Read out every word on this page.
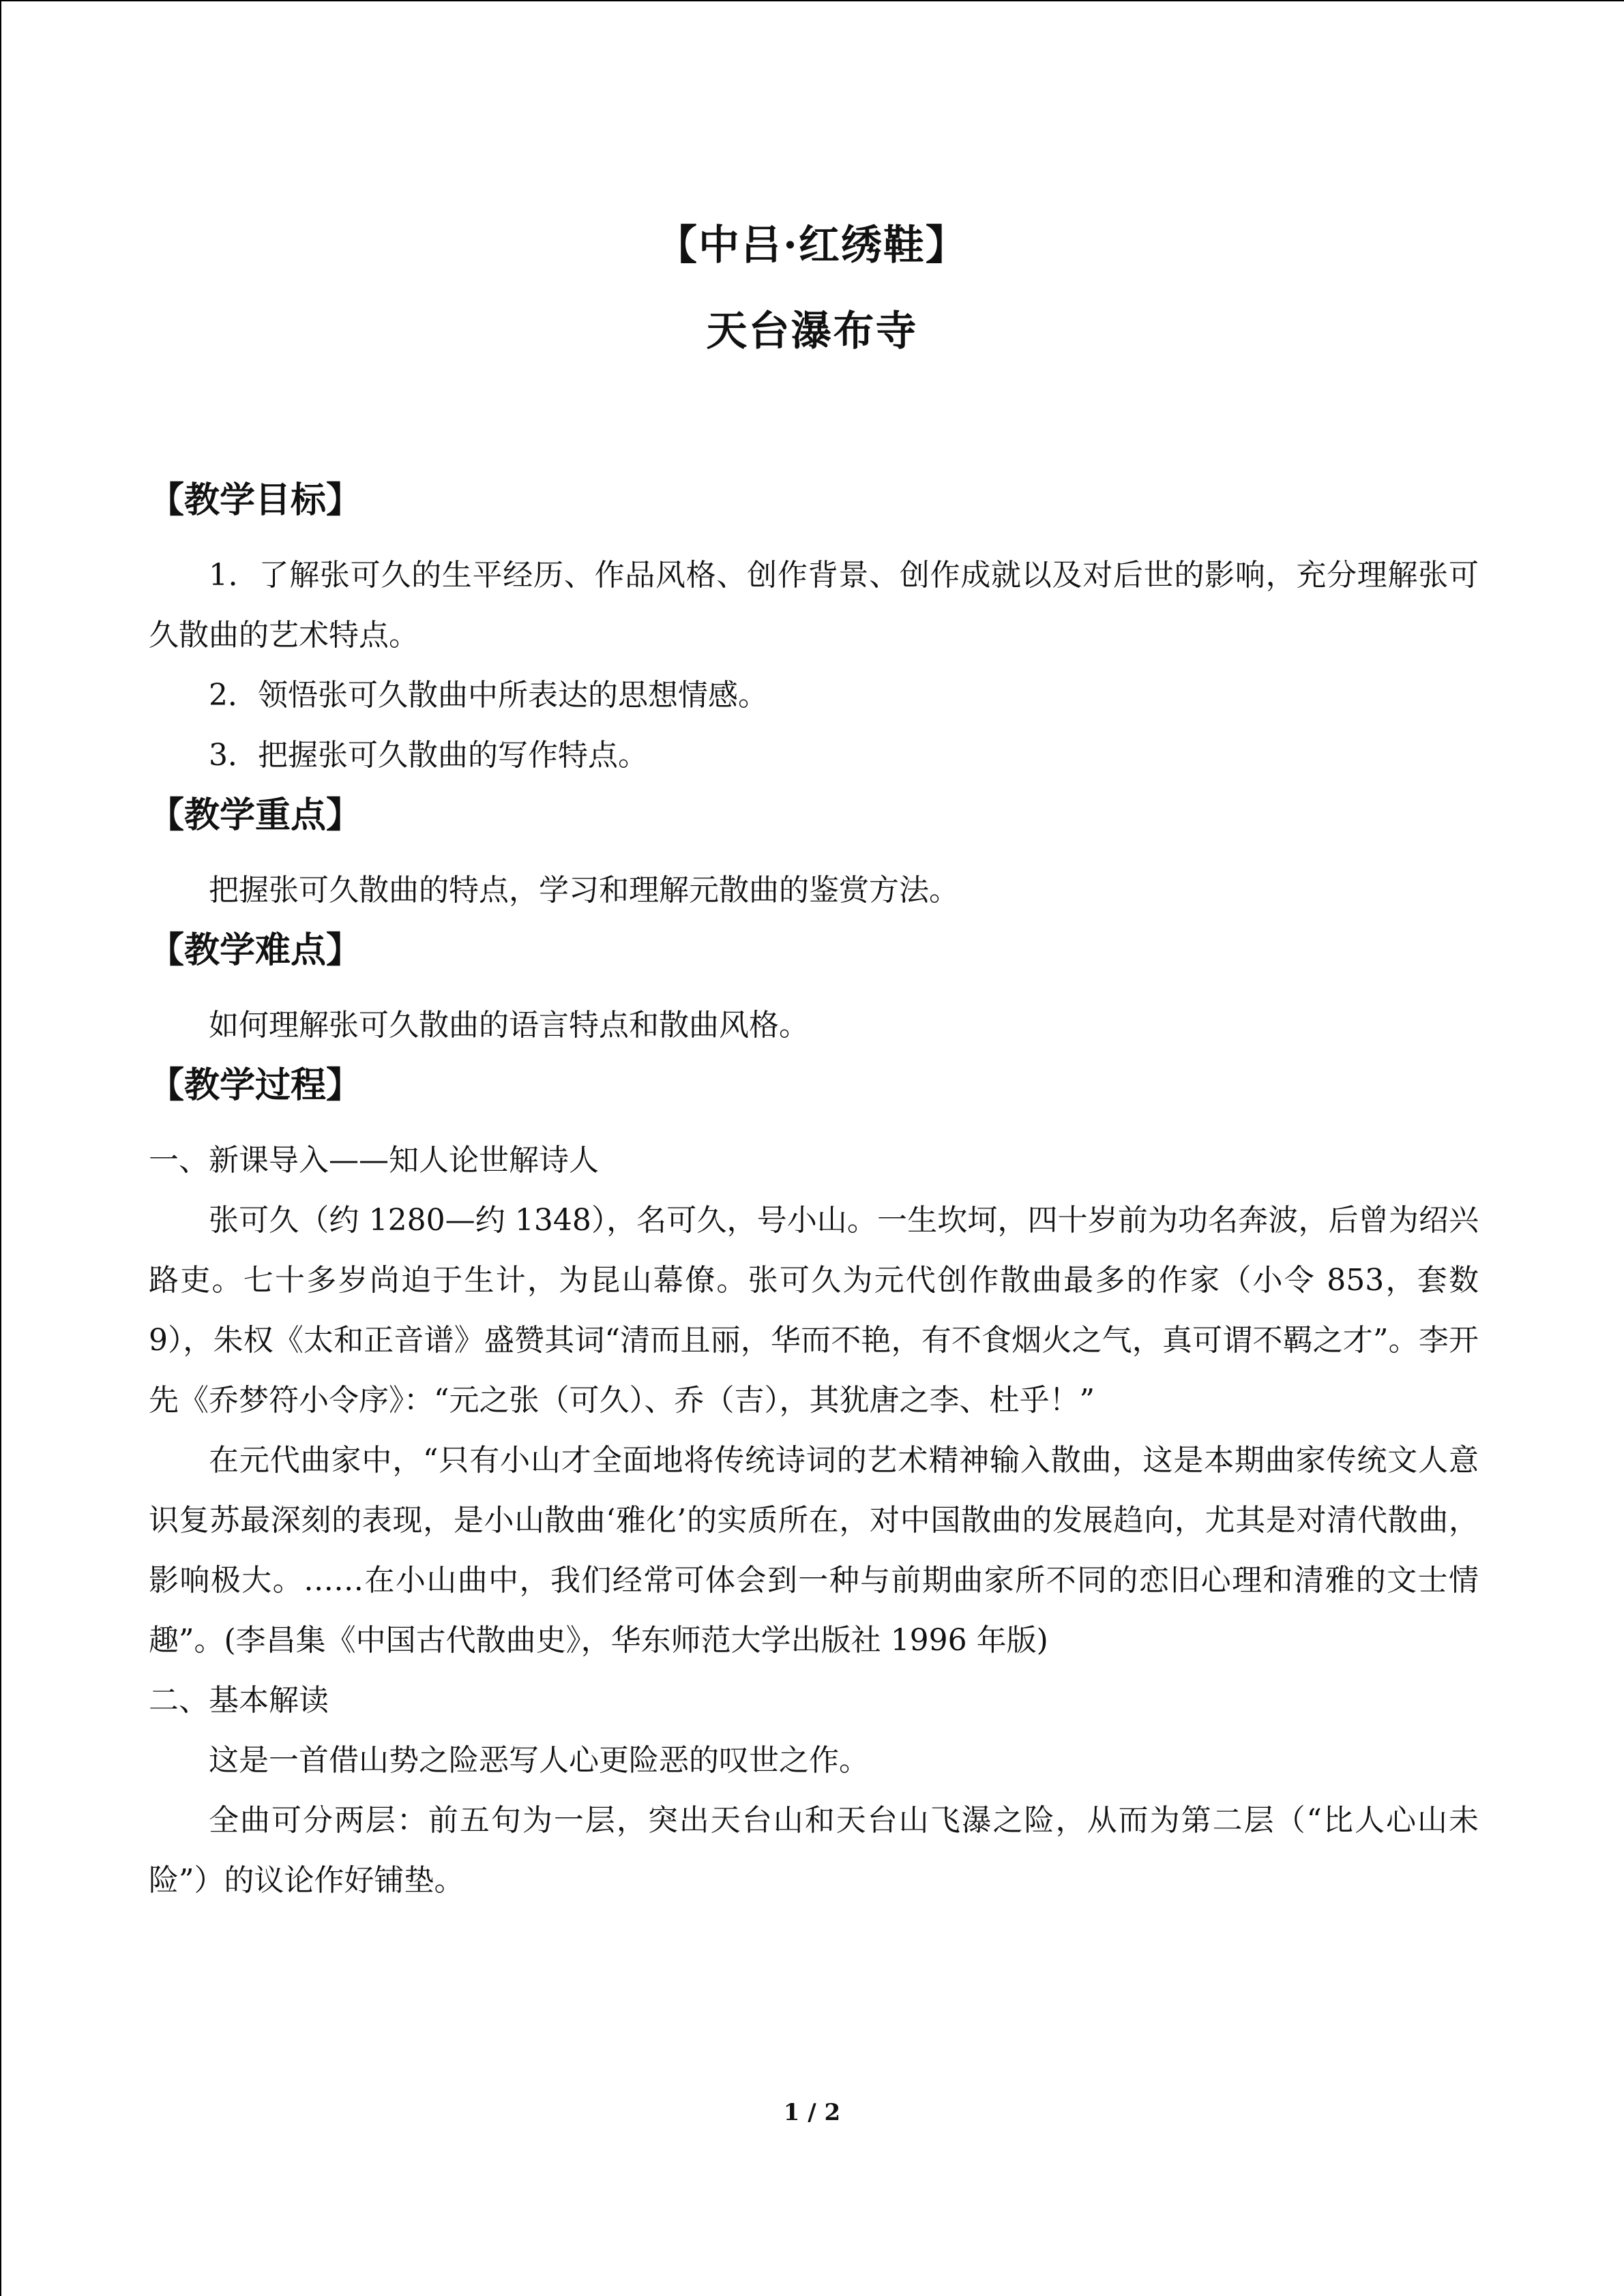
【中吕·红绣鞋】
天台瀑布寺
【教学目标】
1．了解张可久的生平经历、作品风格、创作背景、创作成就以及对后世的影响，充分理解张可久散曲的艺术特点。
2．领悟张可久散曲中所表达的思想情感。
3．把握张可久散曲的写作特点。
【教学重点】
把握张可久散曲的特点，学习和理解元散曲的鉴赏方法。
【教学难点】
如何理解张可久散曲的语言特点和散曲风格。
【教学过程】
一、新课导入——知人论世解诗人
张可久（约 1280—约 1348），名可久，号小山。一生坎坷，四十岁前为功名奔波，后曾为绍兴路吏。七十多岁尚迫于生计，为昆山幕僚。张可久为元代创作散曲最多的作家（小令 853，套数 9），朱权《太和正音谱》盛赞其词“清而且丽，华而不艳，有不食烟火之气，真可谓不羁之才”。李开先《乔梦符小令序》：“元之张（可久）、乔（吉），其犹唐之李、杜乎！”
在元代曲家中，“只有小山才全面地将传统诗词的艺术精神输入散曲，这是本期曲家传统文人意识复苏最深刻的表现，是小山散曲‘雅化’的实质所在，对中国散曲的发展趋向，尤其是对清代散曲，影响极大。……在小山曲中，我们经常可体会到一种与前期曲家所不同的恋旧心理和清雅的文士情趣”。(李昌集《中国古代散曲史》，华东师范大学出版社 1996 年版)
二、基本解读
这是一首借山势之险恶写人心更险恶的叹世之作。
全曲可分两层：前五句为一层，突出天台山和天台山飞瀑之险，从而为第二层（“比人心山未险”）的议论作好铺垫。
1 / 2
